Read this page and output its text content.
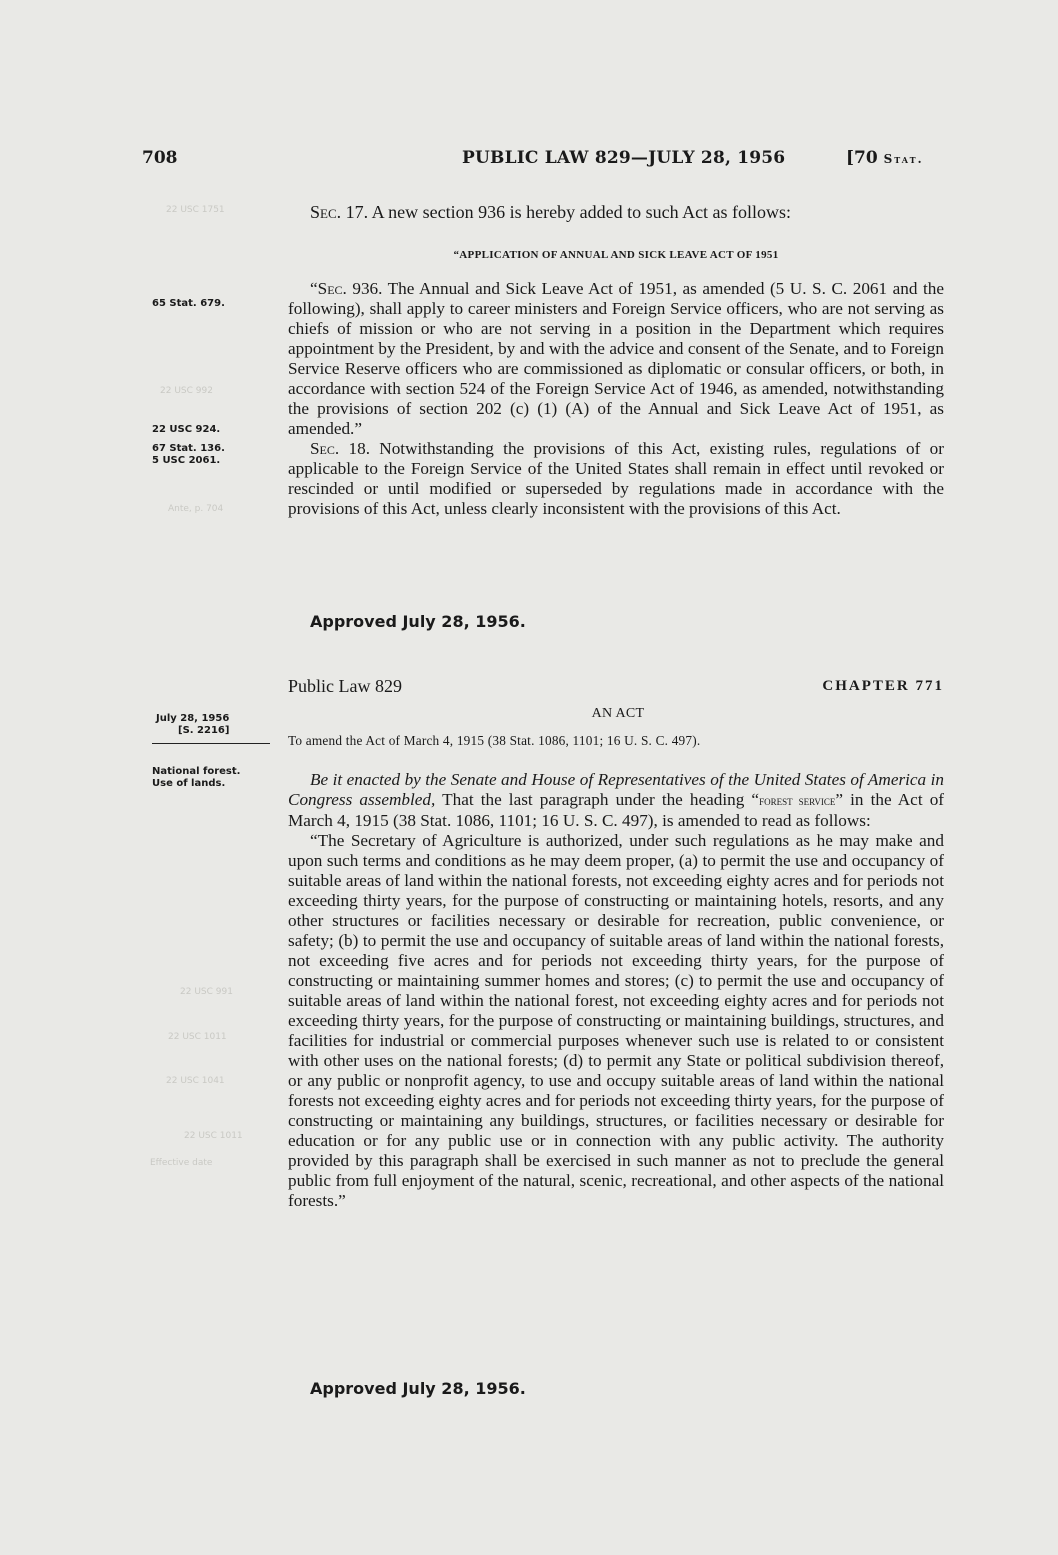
708	PUBLIC LAW 829—JULY 28, 1956	[70 Stat.
22 USC 1751
22 USC 992
Ante, p. 704
22 USC 991
22 USC 1011
22 USC 1041
22 USC 1011
Effective date
65 Stat. 679.
22 USC 924.
67 Stat. 136.
5 USC 2061.
July 28, 1956
[S. 2216]
National forest.
Use of lands.

Sec. 17. A new section 936 is hereby added to such Act as follows:

“APPLICATION OF ANNUAL AND SICK LEAVE ACT OF 1951

“Sec. 936. The Annual and Sick Leave Act of 1951, as amended (5 U. S. C. 2061 and the following), shall apply to career ministers and Foreign Service officers, who are not serving as chiefs of mission or who are not serving in a position in the Department which requires appointment by the President, by and with the advice and consent of the Senate, and to Foreign Service Reserve officers who are commissioned as diplomatic or consular officers, or both, in accordance with section 524 of the Foreign Service Act of 1946, as amended, notwithstanding the provisions of section 202 (c) (1) (A) of the Annual and Sick Leave Act of 1951, as amended.”

Sec. 18. Notwithstanding the provisions of this Act, existing rules, regulations of or applicable to the Foreign Service of the United States shall remain in effect until revoked or rescinded or until modified or superseded by regulations made in accordance with the provisions of this Act, unless clearly inconsistent with the provisions of this Act.

Approved July 28, 1956.
Public Law 829	CHAPTER 771
AN ACT
To amend the Act of March 4, 1915 (38 Stat. 1086, 1101; 16 U. S. C. 497).

Be it enacted by the Senate and House of Representatives of the United States of America in Congress assembled, That the last paragraph under the heading “forest service” in the Act of March 4, 1915 (38 Stat. 1086, 1101; 16 U. S. C. 497), is amended to read as follows:

“The Secretary of Agriculture is authorized, under such regulations as he may make and upon such terms and conditions as he may deem proper, (a) to permit the use and occupancy of suitable areas of land within the national forests, not exceeding eighty acres and for periods not exceeding thirty years, for the purpose of constructing or maintaining hotels, resorts, and any other structures or facilities necessary or desirable for recreation, public convenience, or safety; (b) to permit the use and occupancy of suitable areas of land within the national forests, not exceeding five acres and for periods not exceeding thirty years, for the purpose of constructing or maintaining summer homes and stores; (c) to permit the use and occupancy of suitable areas of land within the national forest, not exceeding eighty acres and for periods not exceeding thirty years, for the purpose of constructing or maintaining buildings, structures, and facilities for industrial or commercial purposes whenever such use is related to or consistent with other uses on the national forests; (d) to permit any State or political subdivision thereof, or any public or nonprofit agency, to use and occupy suitable areas of land within the national forests not exceeding eighty acres and for periods not exceeding thirty years, for the purpose of constructing or maintaining any buildings, structures, or facilities necessary or desirable for education or for any public use or in connection with any public activity. The authority provided by this paragraph shall be exercised in such manner as not to preclude the general public from full enjoyment of the natural, scenic, recreational, and other aspects of the national forests.”

Approved July 28, 1956.
